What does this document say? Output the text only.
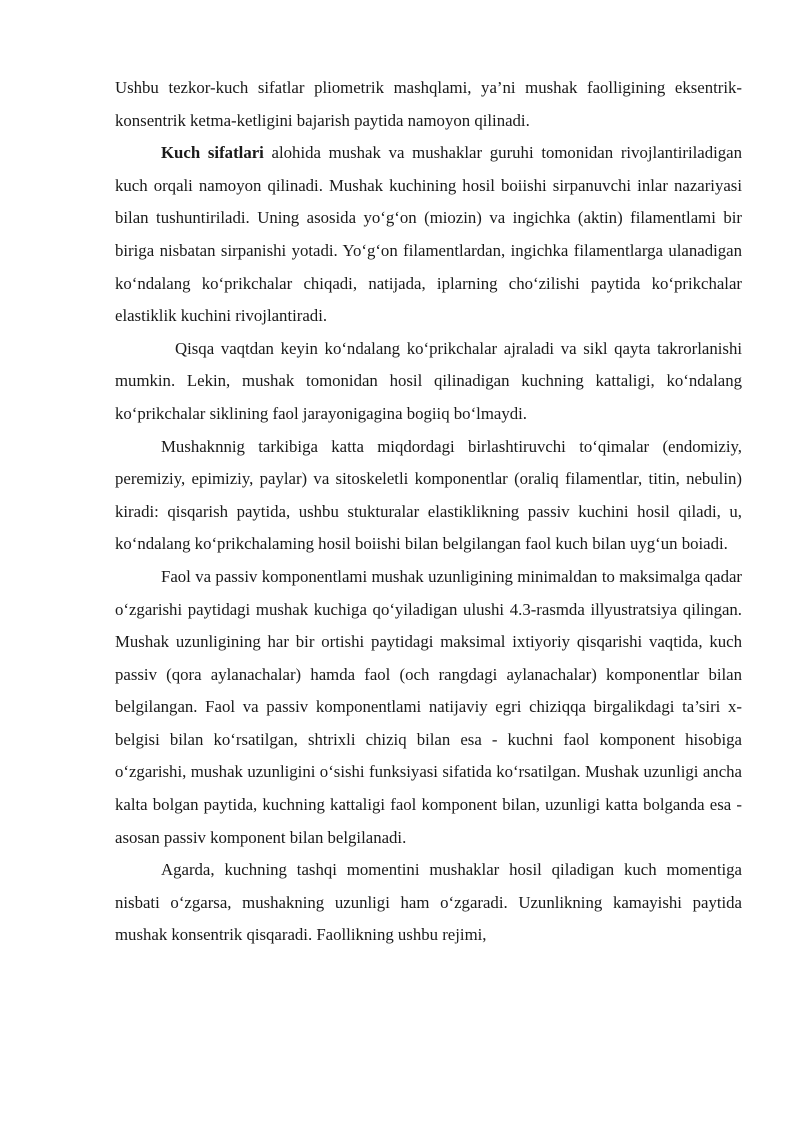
Ushbu tezkor-kuch sifatlar pliometrik mashqlami, ya’ni mushak faolligining eksentrik-konsentrik ketma-ketligini bajarish paytida namoyon qilinadi.

Kuch sifatlari alohida mushak va mushaklar guruhi tomonidan rivojlantiriladigan kuch orqali namoyon qilinadi. Mushak kuchining hosil boiishi sirpanuvchi inlar nazariyasi bilan tushuntiriladi. Uning asosida yo‘g‘on (miozin) va ingichka (aktin) filamentlami bir biriga nisbatan sirpanishi yotadi. Yo‘g‘on filamentlardan, ingichka filamentlarga ulanadigan ko‘ndalang ko‘prikchalar chiqadi, natijada, iplarning cho‘zilishi paytida ko‘prikchalar elastiklik kuchini rivojlantiradi.

Qisqa vaqtdan keyin ko‘ndalang ko‘prikchalar ajraladi va sikl qayta takrorlanishi mumkin. Lekin, mushak tomonidan hosil qilinadigan kuchning kattaligi, ko‘ndalang ko‘prikchalar siklining faol jarayonigagina bogiiq bo‘lmaydi.

Mushaknnig tarkibiga katta miqdordagi birlashtiruvchi to‘qimalar (endomiziy, peremiziy, epimiziy, paylar) va sitoskeletli komponentlar (oraliq filamentlar, titin, nebulin) kiradi: qisqarish paytida, ushbu stukturalar elastiklikning passiv kuchini hosil qiladi, u, ko‘ndalang ko‘prikchalaming hosil boiishi bilan belgilangan faol kuch bilan uyg‘un boiadi.

Faol va passiv komponentlami mushak uzunligining minimaldan to maksimalga qadar o‘zgarishi paytidagi mushak kuchiga qo‘yiladigan ulushi 4.3-rasmda illyustratsiya qilingan. Mushak uzunligining har bir ortishi paytidagi maksimal ixtiyoriy qisqarishi vaqtida, kuch passiv (qora aylanachalar) hamda faol (och rangdagi aylanachalar) komponentlar bilan belgilangan. Faol va passiv komponentlami natijaviy egri chiziqqa birgalikdagi ta’siri x-belgisi bilan ko‘rsatilgan, shtrixli chiziq bilan esa - kuchni faol komponent hisobiga o‘zgarishi, mushak uzunligini o‘sishi funksiyasi sifatida ko‘rsatilgan. Mushak uzunligi ancha kalta bolgan paytida, kuchning kattaligi faol komponent bilan, uzunligi katta bolganda esa - asosan passiv komponent bilan belgilanadi.

Agarda, kuchning tashqi momentini mushaklar hosil qiladigan kuch momentiga nisbati o‘zgarsa, mushakning uzunligi ham o‘zgaradi. Uzunlikning kamayishi paytida mushak konsentrik qisqaradi. Faollikning ushbu rejimi,
